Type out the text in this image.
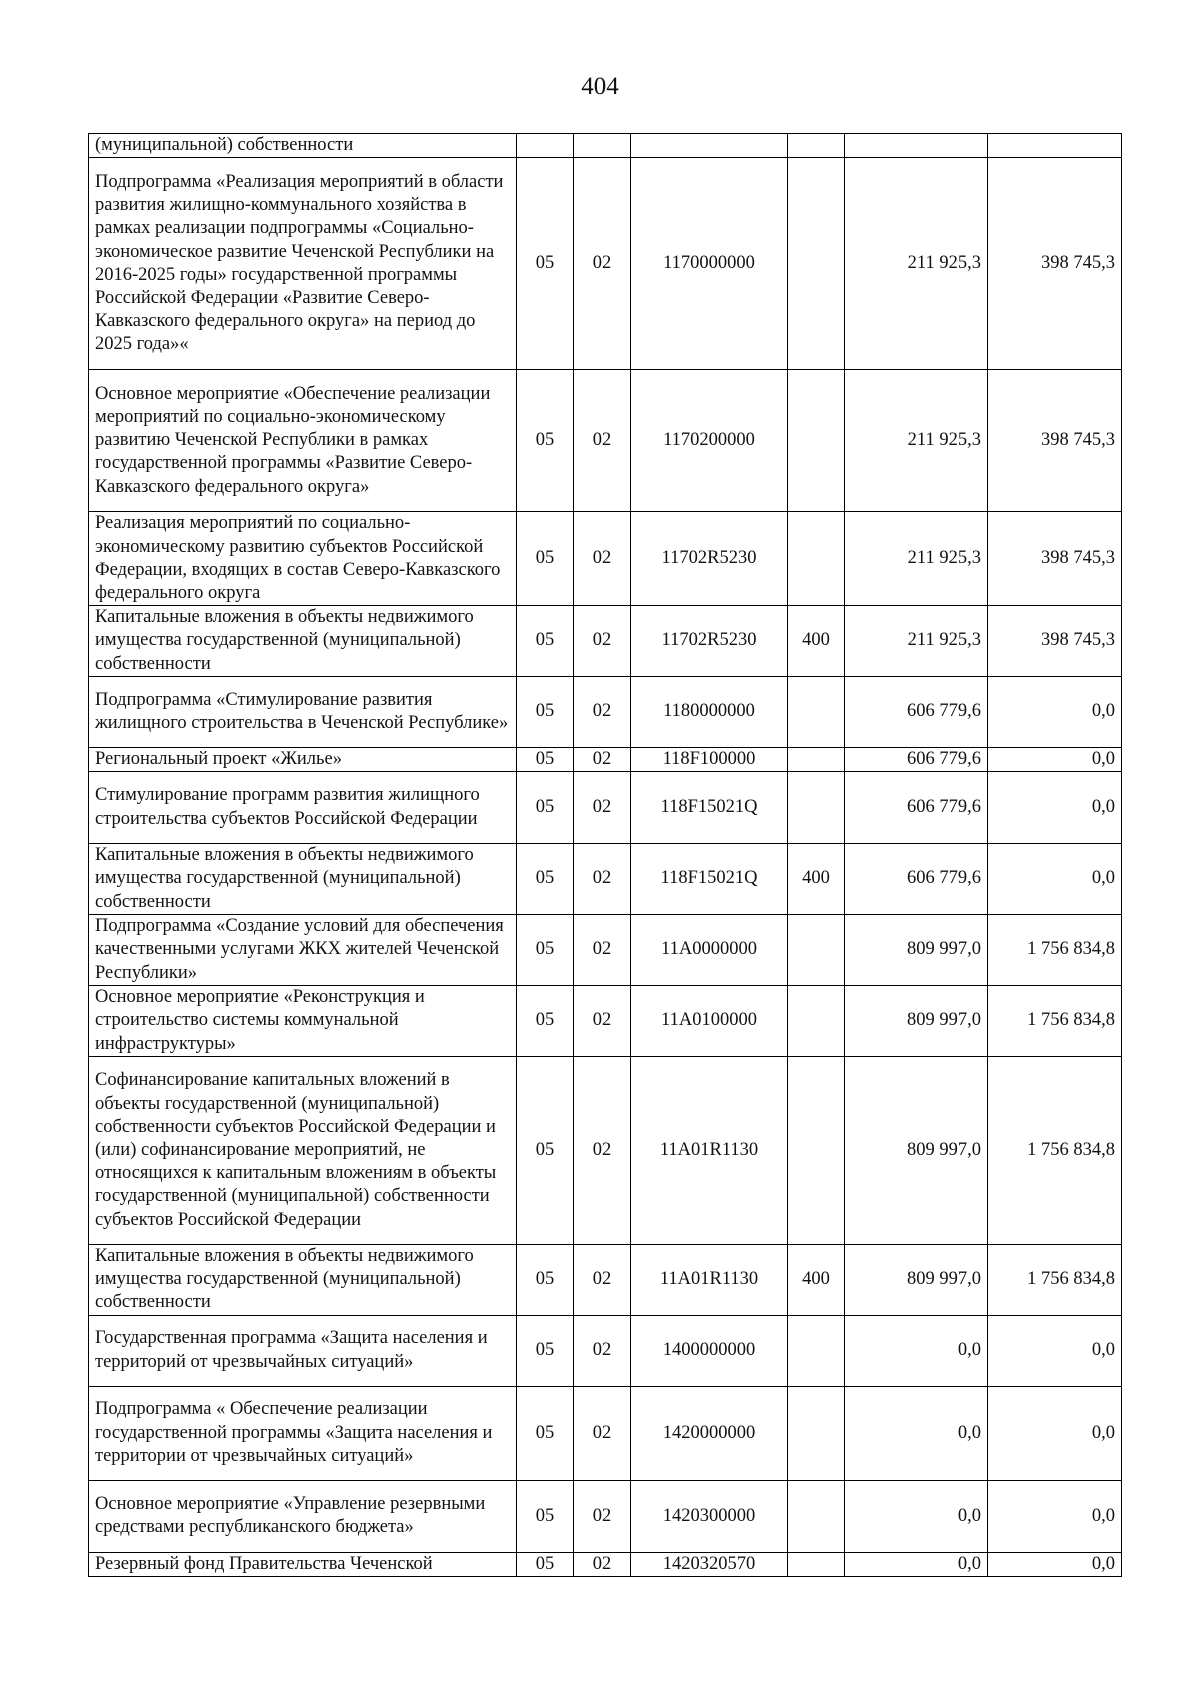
404
(муниципальной) собственности						
Подпрограмма «Реализация мероприятий в области развития жилищно-коммунального хозяйства в рамках реализации подпрограммы «Социально-экономическое развитие Чеченской Республики на 2016-2025 годы» государственной программы Российской Федерации «Развитие Северо-Кавказского федерального округа» на период до 2025 года»«	05	02	1170000000		211 925,3	398 745,3
Основное мероприятие «Обеспечение реализации мероприятий по социально-экономическому развитию Чеченской Республики в рамках государственной программы «Развитие Северо-Кавказского федерального округа»	05	02	1170200000		211 925,3	398 745,3
Реализация мероприятий по социально-экономическому развитию субъектов Российской Федерации, входящих в состав Северо-Кавказского федерального округа	05	02	11702R5230		211 925,3	398 745,3
Капитальные вложения в объекты недвижимого имущества государственной (муниципальной) собственности	05	02	11702R5230	400	211 925,3	398 745,3
Подпрограмма «Стимулирование развития жилищного строительства в Чеченской Республике»	05	02	1180000000		606 779,6	0,0
Региональный проект «Жилье»	05	02	118F100000		606 779,6	0,0
Стимулирование программ развития жилищного строительства субъектов Российской Федерации	05	02	118F15021Q		606 779,6	0,0
Капитальные вложения в объекты недвижимого имущества государственной (муниципальной) собственности	05	02	118F15021Q	400	606 779,6	0,0
Подпрограмма «Создание условий для обеспечения качественными услугами ЖКХ жителей Чеченской Республики»	05	02	11А0000000		809 997,0	1 756 834,8
Основное мероприятие «Реконструкция и строительство системы коммунальной инфраструктуры»	05	02	11А0100000		809 997,0	1 756 834,8
Софинансирование капитальных вложений в объекты государственной (муниципальной) собственности субъектов Российской Федерации и (или) софинансирование мероприятий, не относящихся к капитальным вложениям в объекты государственной (муниципальной) собственности субъектов Российской Федерации	05	02	11А01R1130		809 997,0	1 756 834,8
Капитальные вложения в объекты недвижимого имущества государственной (муниципальной) собственности	05	02	11А01R1130	400	809 997,0	1 756 834,8
Государственная программа «Защита населения и территорий от чрезвычайных ситуаций»	05	02	1400000000		0,0	0,0
Подпрограмма « Обеспечение реализации государственной программы «Защита населения и территории от чрезвычайных ситуаций»	05	02	1420000000		0,0	0,0
Основное мероприятие «Управление резервными средствами республиканского бюджета»	05	02	1420300000		0,0	0,0
Резервный фонд Правительства Чеченской	05	02	1420320570		0,0	0,0
